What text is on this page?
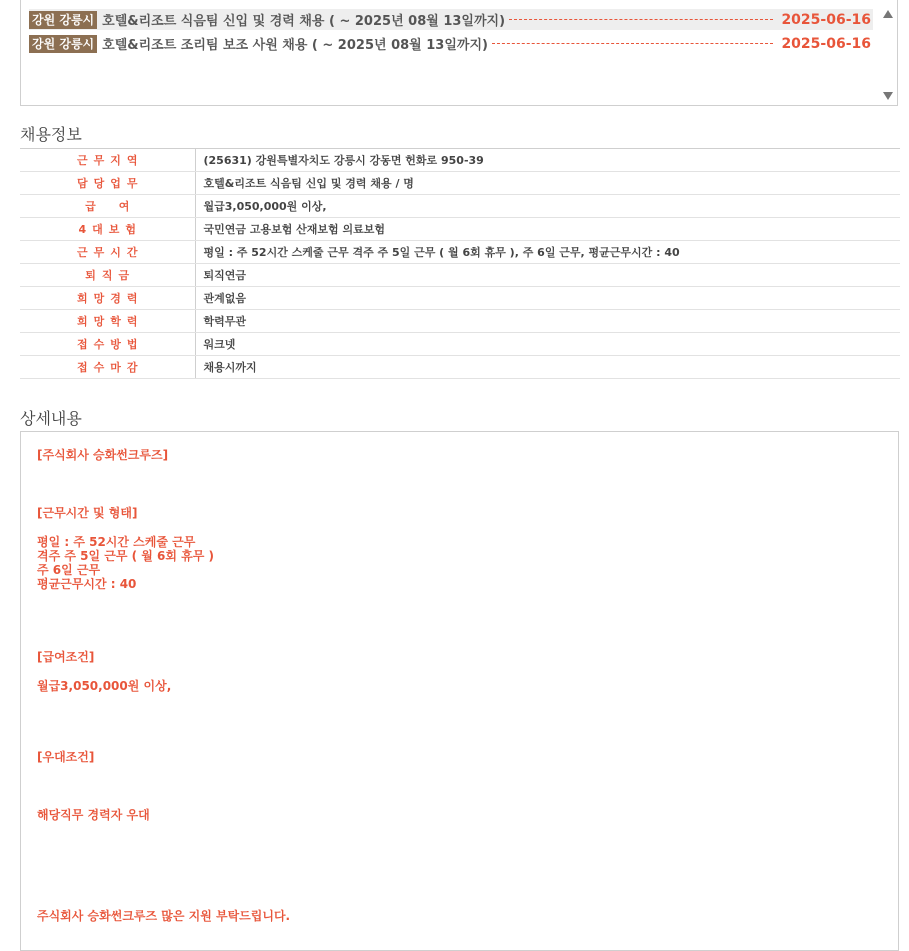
강원 강릉시 호텔&리조트 식음팀 신입 및 경력 채용 ( ~ 2025년 08월 13일까지)	2025-06-16
강원 강릉시 호텔&리조트 조리팀 보조 사원 채용 ( ~ 2025년 08월 13일까지)	2025-06-16
채용정보
근무지역	(25631) 강원특별자치도 강릉시 강동면 헌화로 950-39
담당업무	호텔&리조트 식음팀 신입 및 경력 채용 / 명
급　여	월급3,050,000원 이상,
4대보험	국민연금 고용보험 산재보험 의료보험
근무시간	평일 : 주 52시간 스케줄 근무 격주 주 5일 근무 ( 월 6회 휴무 ), 주 6일 근무, 평균근무시간 : 40
퇴직금	퇴직연금
희망경력	관계없음
희망학력	학력무관
접수방법	워크넷
접수마감	채용시까지
상세내용

[주식회사 승화썬크루즈]

[근무시간 및 형태]

평일 : 주 52시간 스케줄 근무

격주 주 5일 근무 ( 월 6회 휴무 )

주 6일 근무

평균근무시간 : 40

[급여조건]

월급3,050,000원 이상,

[우대조건]

해당직무 경력자 우대

주식회사 승화썬크루즈 많은 지원 부탁드립니다.
